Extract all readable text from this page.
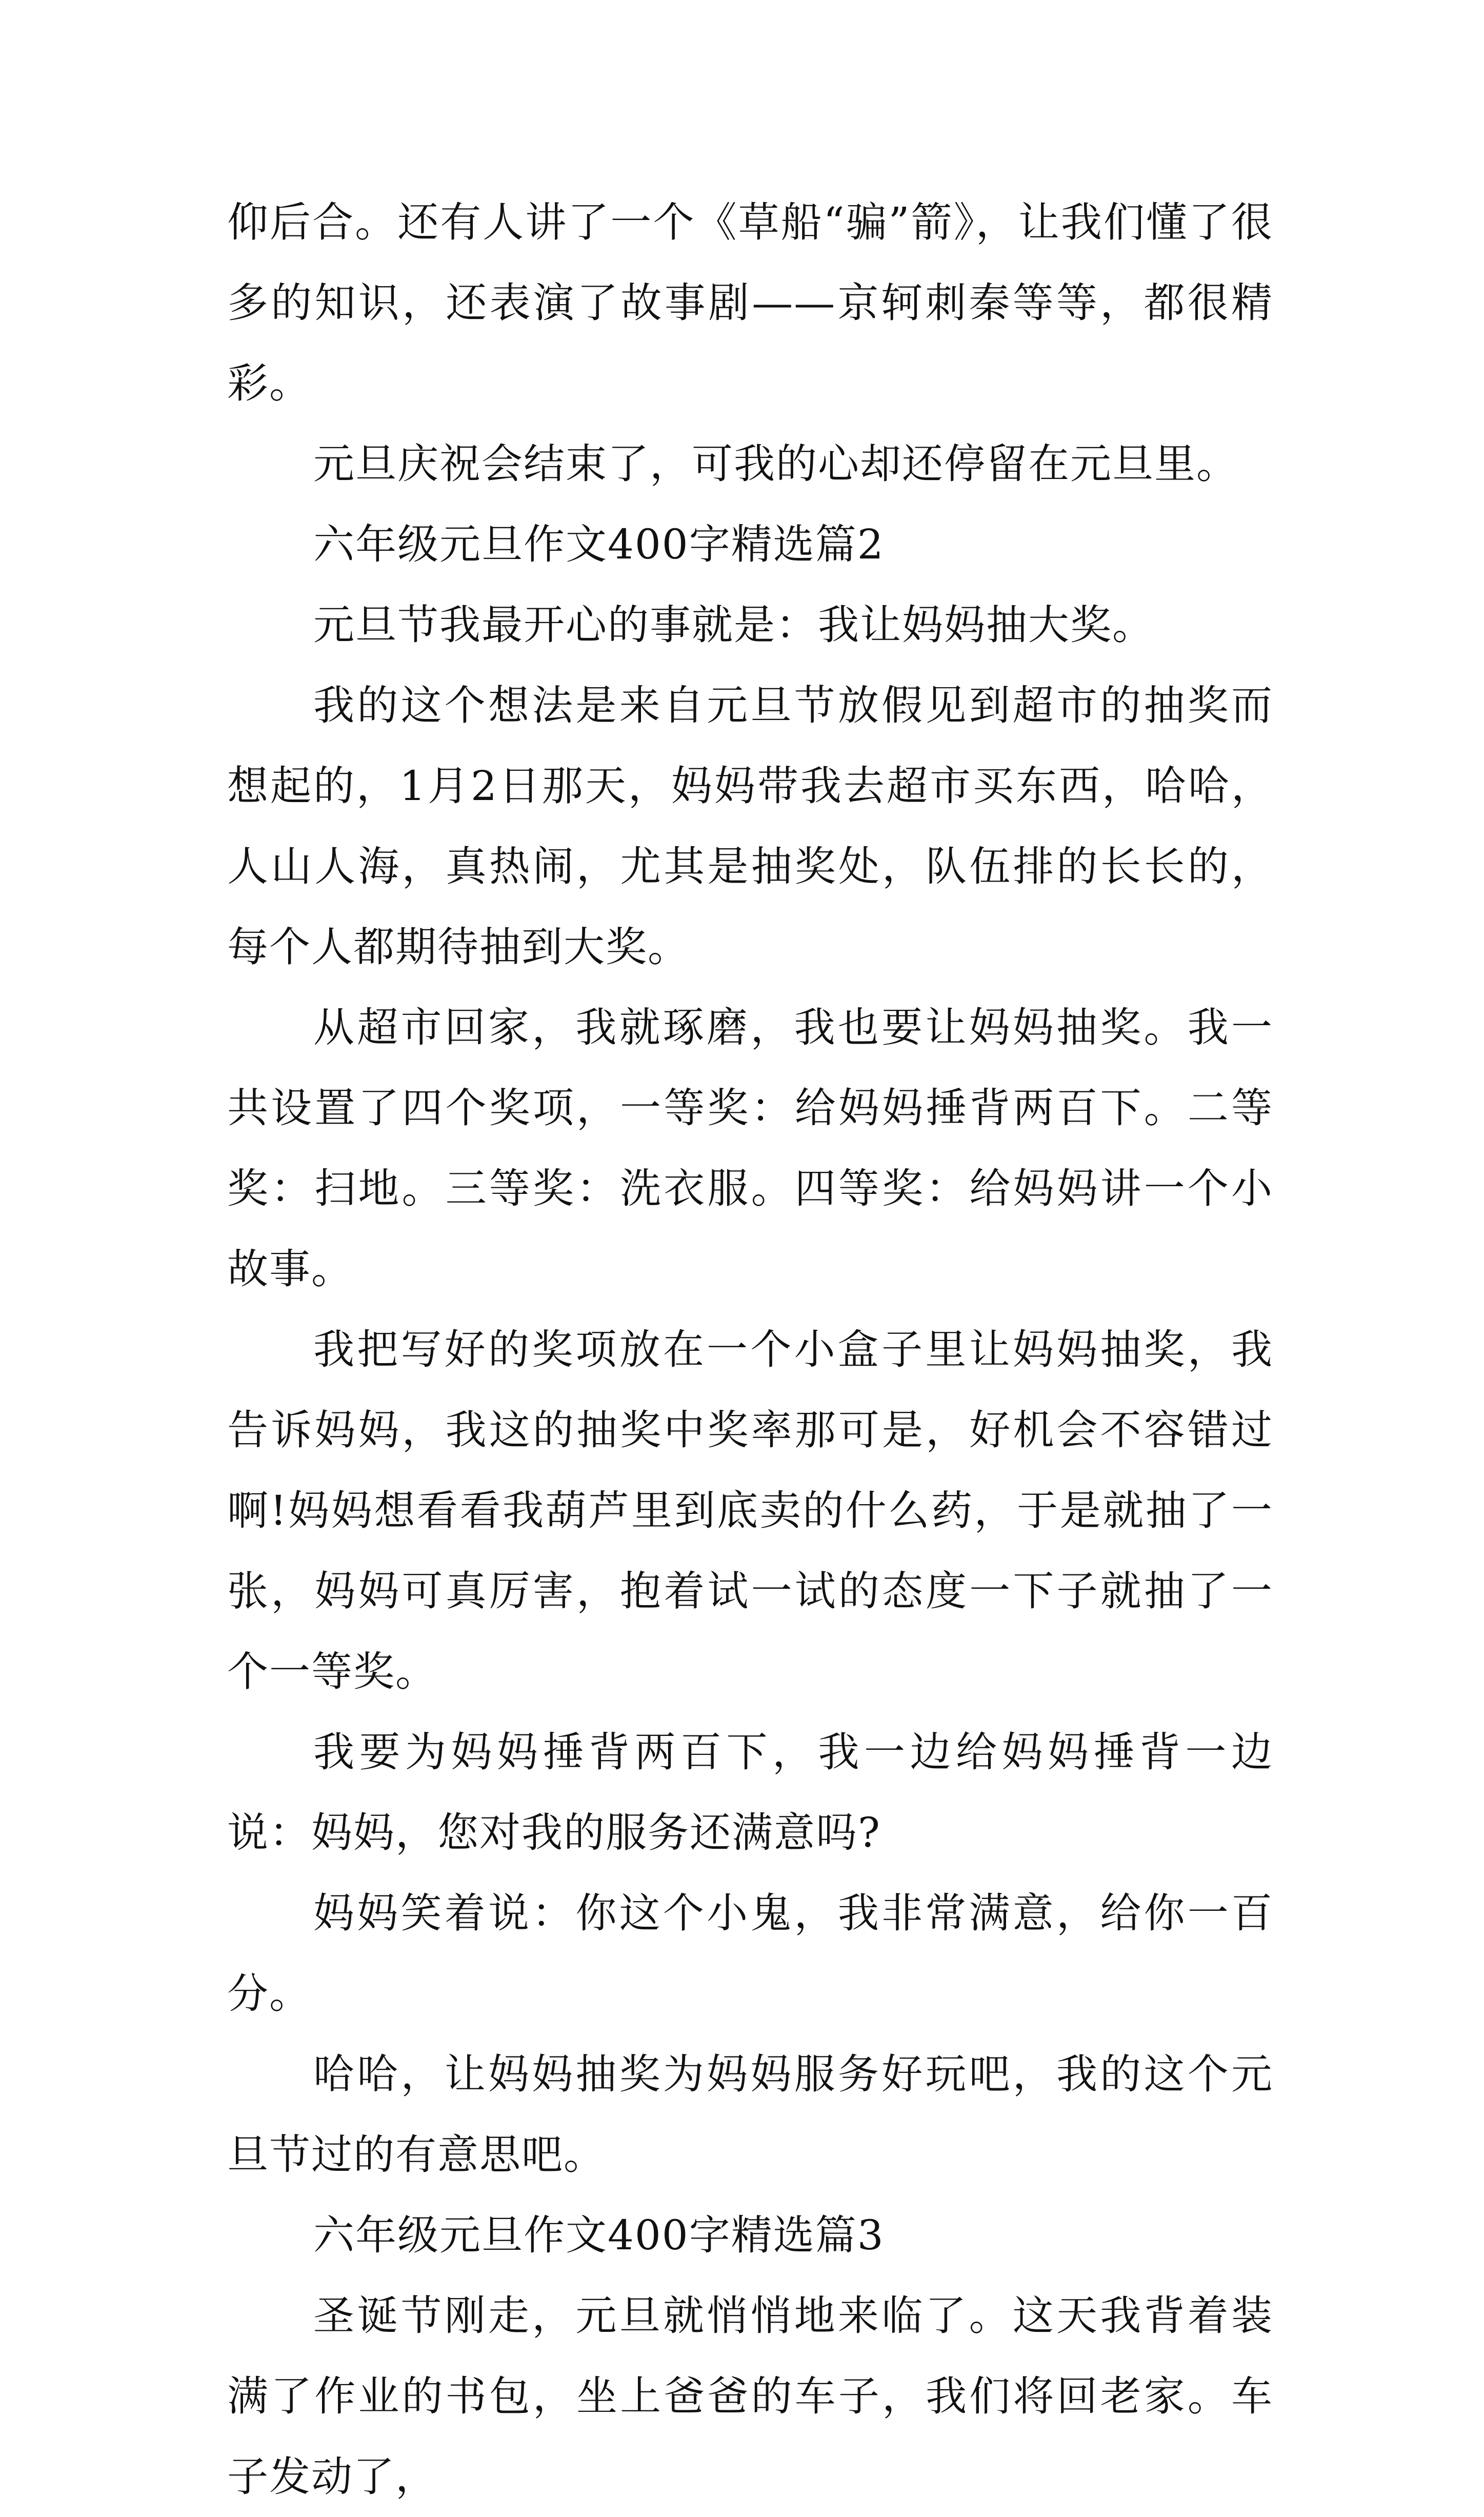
仰后合。还有人讲了一个《草船“骗”箭》，让我们懂了很多的知识，还表演了故事剧——京轲刺秦等等，都很精彩。

元旦庆祝会结束了，可我的心却还停留在元旦里。

六年级元旦作文400字精选篇2

元旦节我最开心的事就是：我让妈妈抽大奖。

我的这个想法是来自元旦节放假见到超市的抽奖而想起的，1月2日那天，妈妈带我去超市买东西，哈哈，人山人海，真热闹，尤其是抽奖处，队伍排的长长的，每个人都期待抽到大奖。

从超市回家，我就琢磨，我也要让妈妈抽奖。我一共设置了四个奖项，一等奖：给妈妈捶背两百下。二等奖：扫地。三等奖：洗衣服。四等奖：给妈妈讲一个小故事。

我把写好的奖项放在一个小盒子里让妈妈抽奖，我告诉妈妈，我这的抽奖中奖率那可是，好机会不容错过啊!妈妈想看看我葫芦里到底卖的什么药，于是就抽了一张，妈妈可真厉害，抱着试一试的态度一下子就抽了一个一等奖。

我要为妈妈捶背两百下，我一边给妈妈捶背一边说：妈妈，您对我的服务还满意吗?

妈妈笑着说：你这个小鬼，我非常满意，给你一百分。

哈哈，让妈妈抽奖为妈妈服务好玩吧，我的这个元旦节过的有意思吧。

六年级元旦作文400字精选篇3

圣诞节刚走，元旦就悄悄地来临了。这天我背着装满了作业的书包，坐上爸爸的车子，我们将回老家。车子发动了，
